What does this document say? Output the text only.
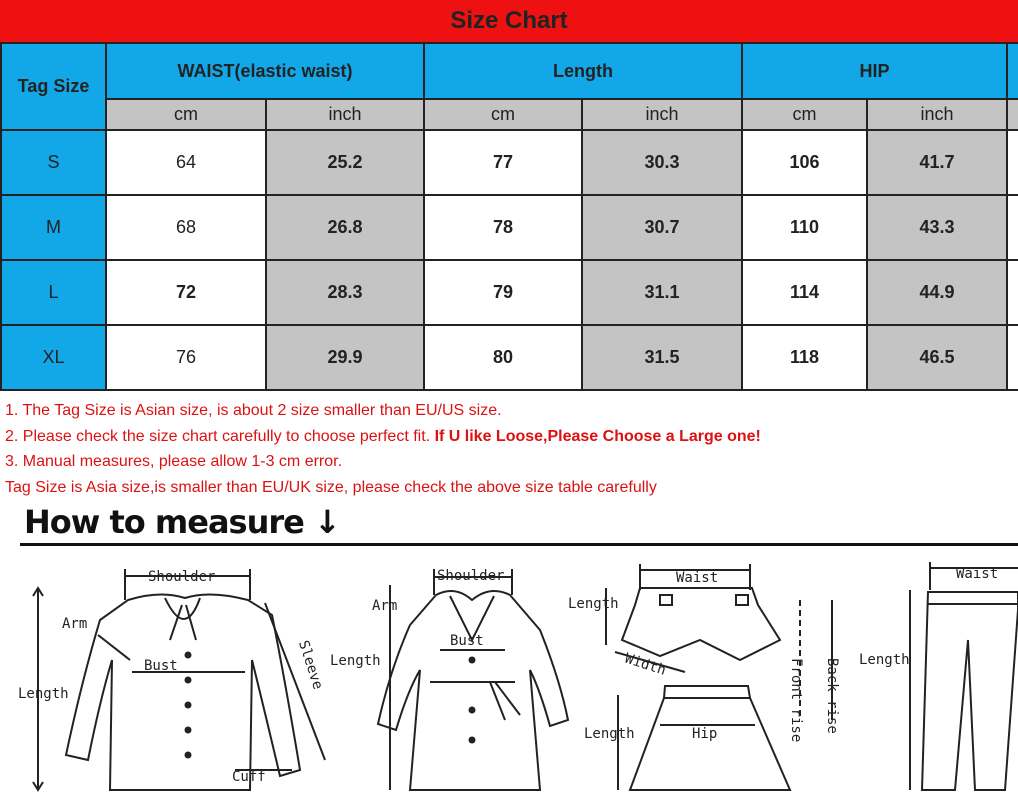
Size Chart
Tag Size	WAIST(elastic waist)		Length		HIP		
	cm	inch	cm	inch	cm	inch	
S	64	25.2	77	30.3	106	41.7	
M	68	26.8	78	30.7	110	43.3	
L	72	28.3	79	31.1	114	44.9	
XL	76	29.9	80	31.5	118	46.5	
1. The Tag Size is Asian size, is about 2 size smaller than EU/US size.
2. Please check the size chart carefully to choose perfect fit. If U like Loose,Please Choose a Large one!
3. Manual measures, please allow 1-3 cm error.
Tag Size is Asia size,is smaller than EU/UK size, please check the above size table carefully
How to measure ↓
Shoulder
Arm
Bust
Length
Sleeve
Cuff
Shoulder
Arm
Bust
Length
Waist
Length
Width	Front rise Back rise
Length	Hip
Waist
Length
